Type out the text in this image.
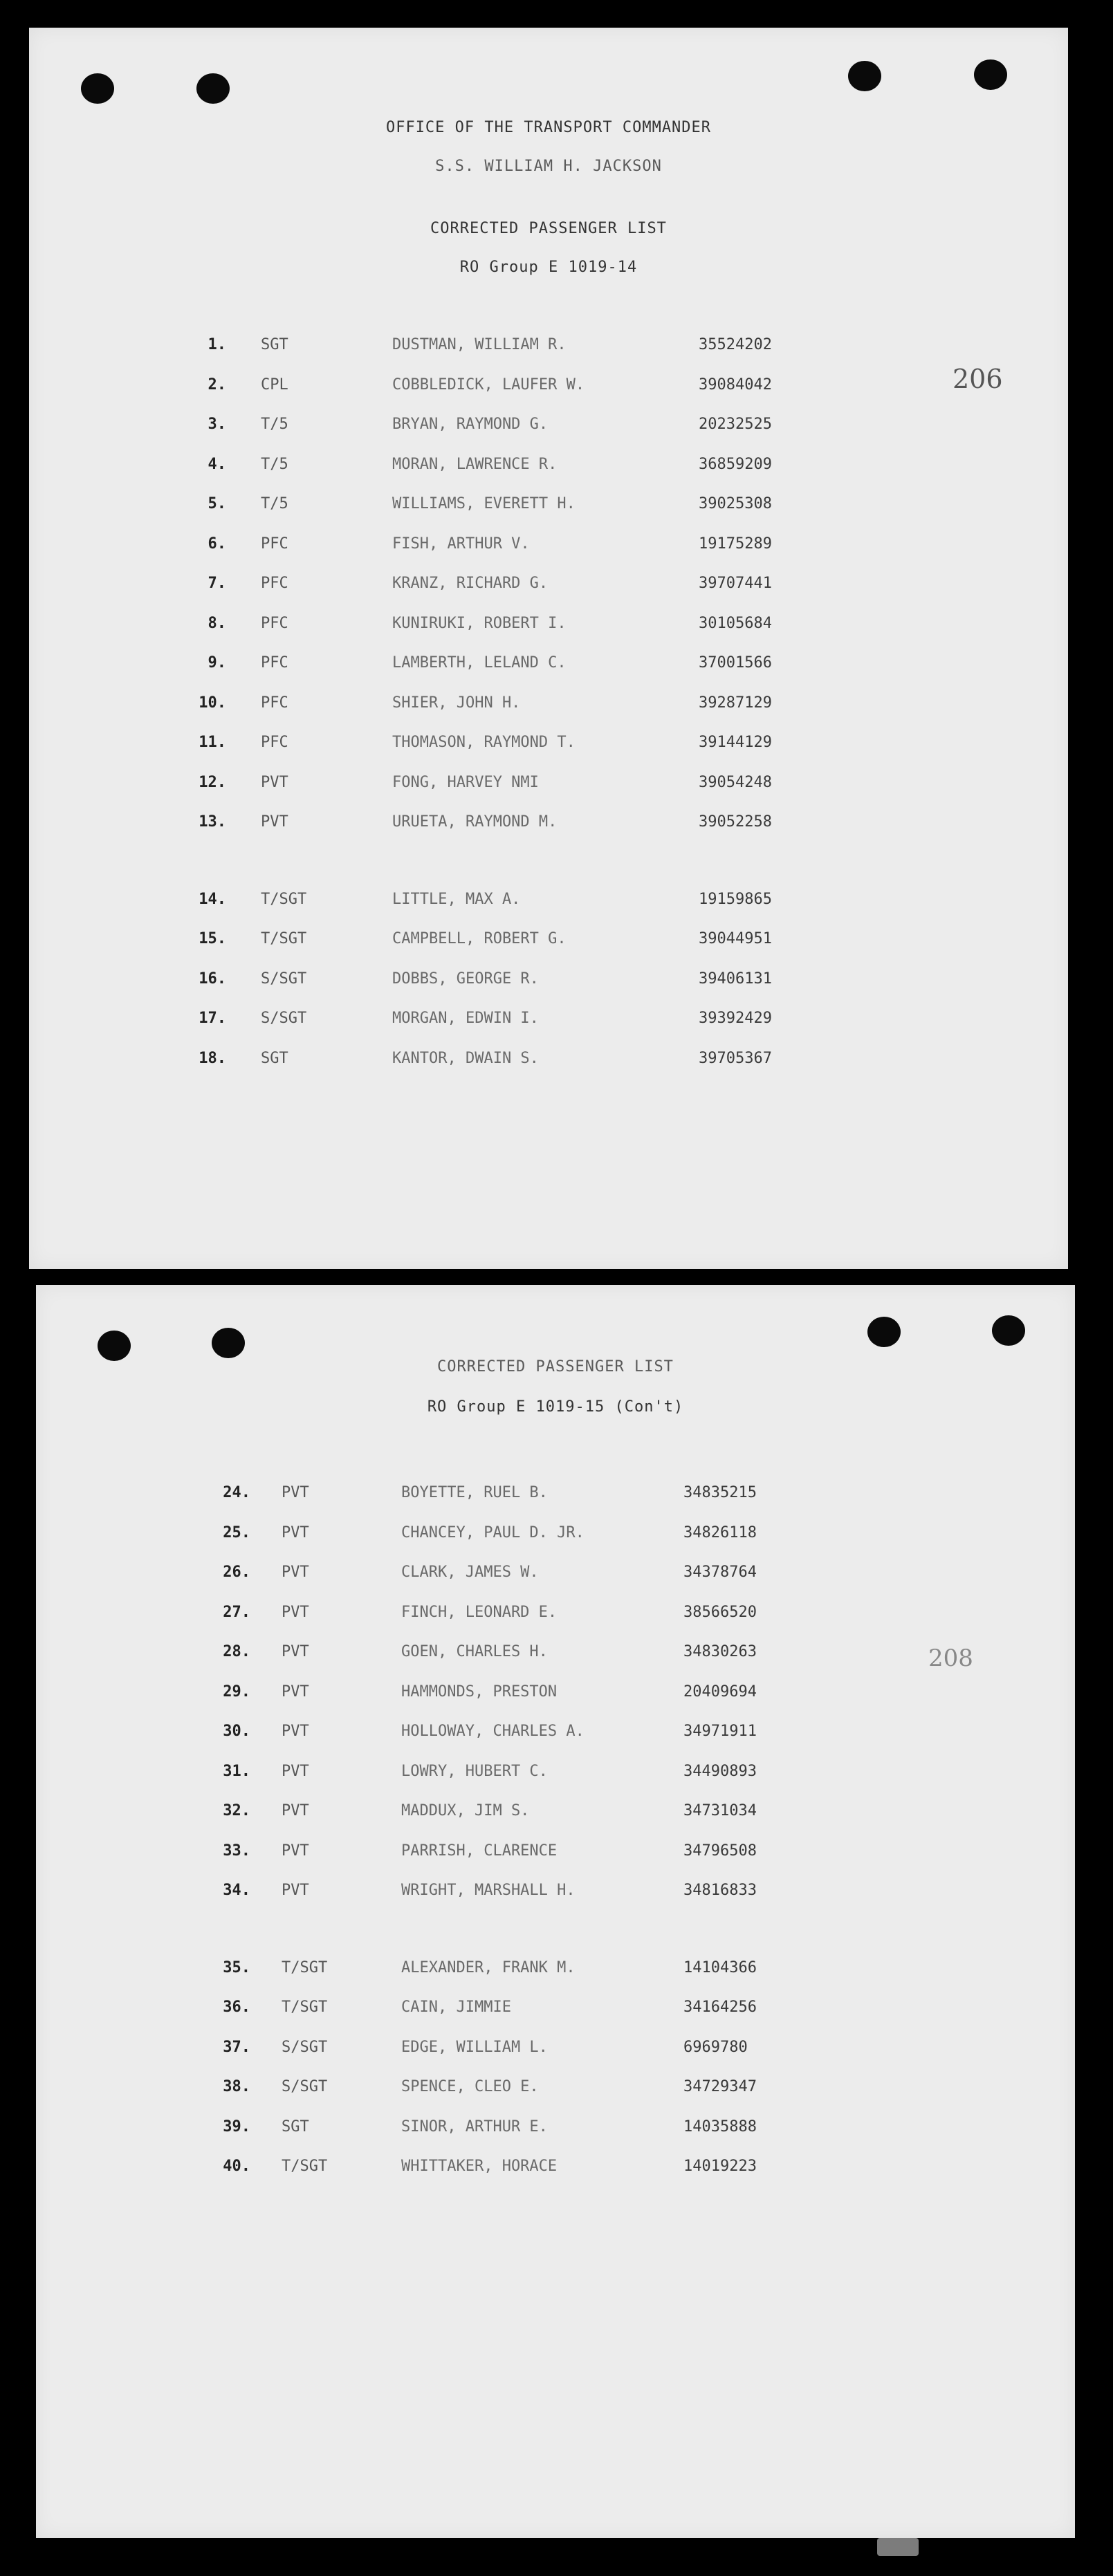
OFFICE OF THE TRANSPORT COMMANDER
S.S. WILLIAM H. JACKSON
CORRECTED PASSENGER LIST
RO Group E 1019-14
206
1. SGT	DUSTMAN, WILLIAM R.	35524202
2. CPL	COBBLEDICK, LAUFER W.	39084042
3. T/5	BRYAN, RAYMOND G.	20232525
4. T/5	MORAN, LAWRENCE R.	36859209
5. T/5	WILLIAMS, EVERETT H.	39025308
6. PFC	FISH, ARTHUR V.	19175289
7. PFC	KRANZ, RICHARD G.	39707441
8. PFC	KUNIRUKI, ROBERT I.	30105684
9. PFC	LAMBERTH, LELAND C.	37001566
10. PFC	SHIER, JOHN H.	39287129
11. PFC	THOMASON, RAYMOND T.	39144129
12. PVT	FONG, HARVEY NMI	39054248
13. PVT	URUETA, RAYMOND M.	39052258
14. T/SGT	LITTLE, MAX A.	19159865
15. T/SGT	CAMPBELL, ROBERT G.	39044951
16. S/SGT	DOBBS, GEORGE R.	39406131
17. S/SGT	MORGAN, EDWIN I.	39392429
18. SGT	KANTOR, DWAIN S.	39705367
CORRECTED PASSENGER LIST
RO Group E 1019-15 (Con't)
208
24. PVT	BOYETTE, RUEL B.	34835215
25. PVT	CHANCEY, PAUL D. JR.	34826118
26. PVT	CLARK, JAMES W.	34378764
27. PVT	FINCH, LEONARD E.	38566520
28. PVT	GOEN, CHARLES H.	34830263
29. PVT	HAMMONDS, PRESTON	20409694
30. PVT	HOLLOWAY, CHARLES A.	34971911
31. PVT	LOWRY, HUBERT C.	34490893
32. PVT	MADDUX, JIM S.	34731034
33. PVT	PARRISH, CLARENCE	34796508
34. PVT	WRIGHT, MARSHALL H.	34816833
35. T/SGT	ALEXANDER, FRANK M.	14104366
36. T/SGT	CAIN, JIMMIE	34164256
37. S/SGT	EDGE, WILLIAM L.	6969780
38. S/SGT	SPENCE, CLEO E.	34729347
39. SGT	SINOR, ARTHUR E.	14035888
40. T/SGT	WHITTAKER, HORACE	14019223
